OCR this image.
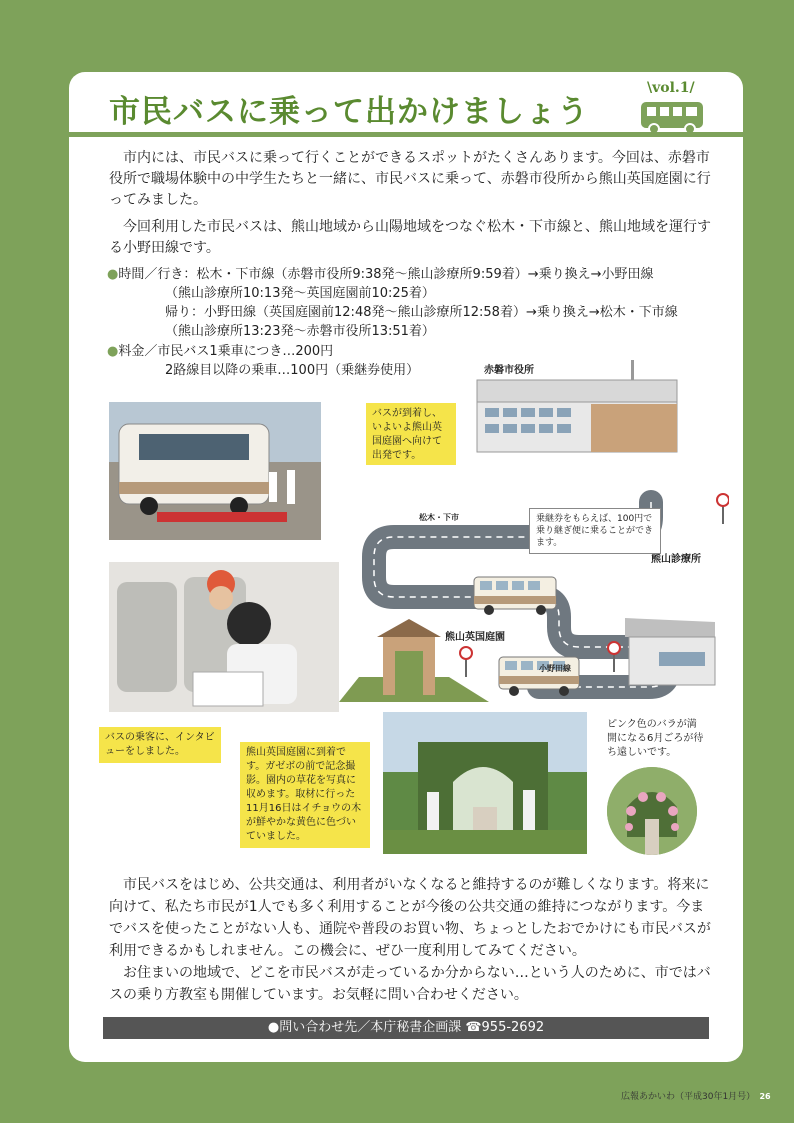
市民バスに乗って出かけましょう
\vol.1/

市内には、市民バスに乗って行くことができるスポットがたくさんあります。今回は、赤磐市役所で職場体験中の中学生たちと一緒に、市民バスに乗って、赤磐市役所から熊山英国庭園に行ってみました。

今回利用した市民バスは、熊山地域から山陽地域をつなぐ松木・下市線と、熊山地域を運行する小野田線です。

●時間／行き：松木・下市線（赤磐市役所9:38発〜熊山診療所9:59着）→乗り換え→小野田線
（熊山診療所10:13発〜英国庭園前10:25着）
帰り：小野田線（英国庭園前12:48発〜熊山診療所12:58着）→乗り換え→松木・下市線
（熊山診療所13:23発〜赤磐市役所13:51着）
●料金／市民バス1乗車につき…200円
2路線目以降の乗車…100円（乗継券使用）	赤磐市役所
熊山診療所
熊山英国庭園
松木・下市
小野田線
乗継券をもらえば、100円で乗り継ぎ便に乗ることができます。
バスが到着し、いよいよ熊山英国庭園へ向けて出発です。
バスの乗客に、インタビューをしました。	熊山英国庭園に到着です。ガゼボの前で記念撮影。園内の草花を写真に収めます。取材に行った11月16日はイチョウの木が鮮やかな黄色に色づいていました。
ピンク色のバラが満開になる6月ごろが待ち遠しいです。

市民バスをはじめ、公共交通は、利用者がいなくなると維持するのが難しくなります。将来に向けて、私たち市民が1人でも多く利用することが今後の公共交通の維持につながります。今までバスを使ったことがない人も、通院や普段のお買い物、ちょっとしたおでかけにも市民バスが利用できるかもしれません。この機会に、ぜひ一度利用してみてください。

お住まいの地域で、どこを市民バスが走っているか分からない…という人のために、市ではバスの乗り方教室も開催しています。お気軽に問い合わせください。

●問い合わせ先／本庁秘書企画課 ☎955-2692
広報あかいわ（平成30年1月号） 26
